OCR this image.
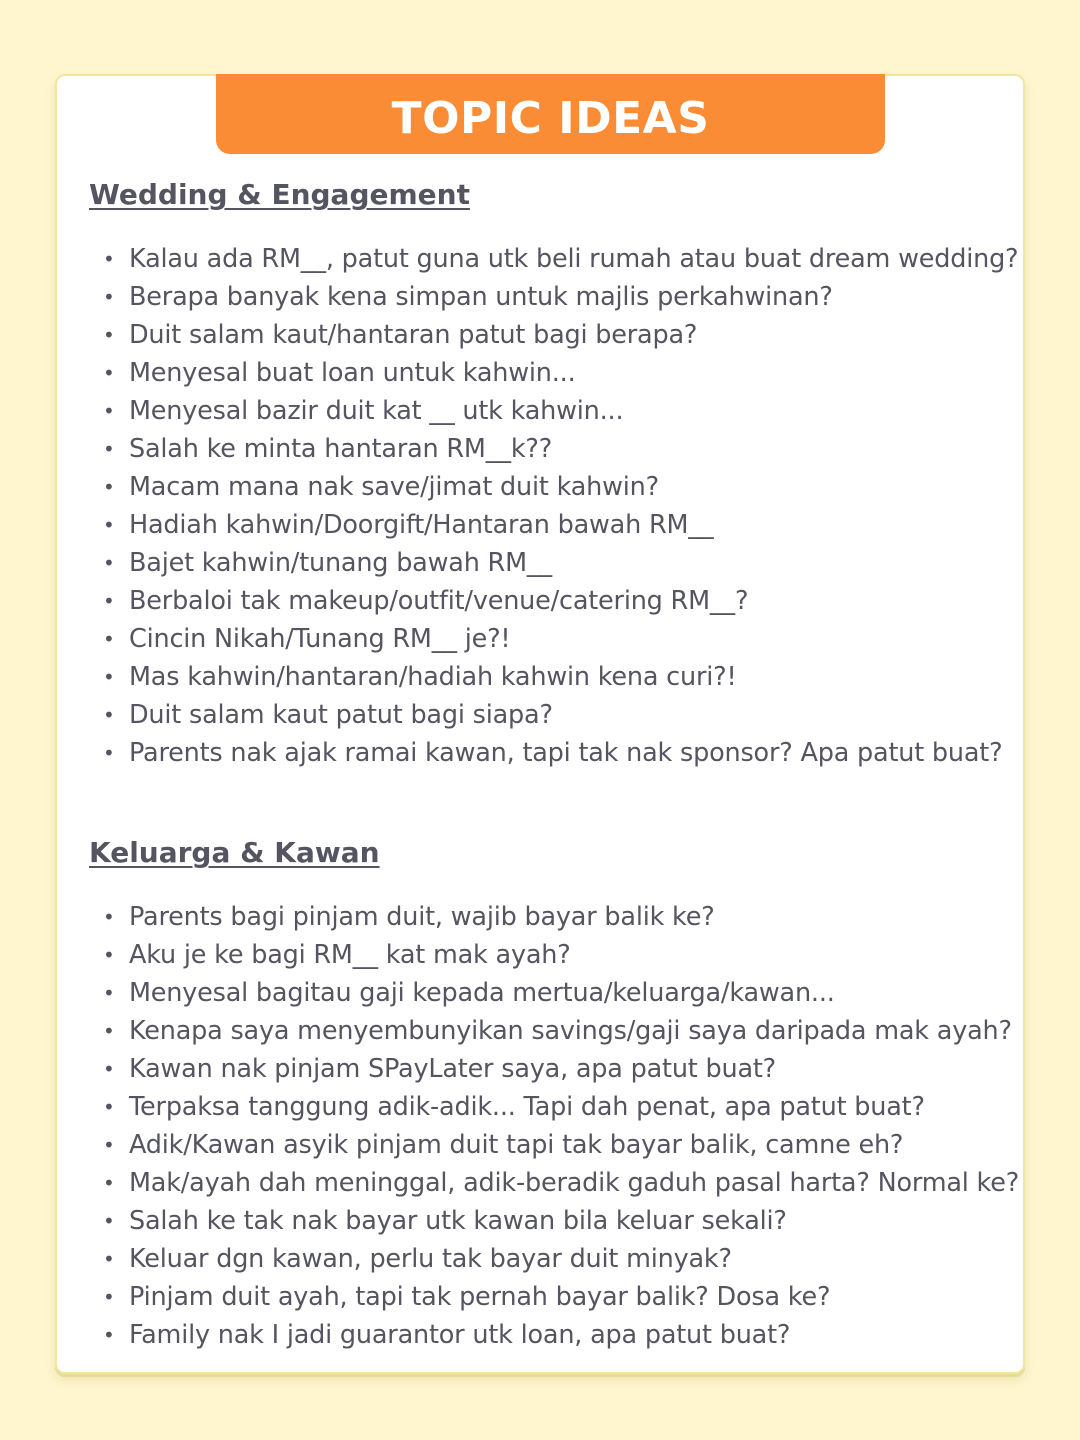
TOPIC IDEAS
Wedding & Engagement
• Kalau ada RM__, patut guna utk beli rumah atau buat dream wedding?
• Berapa banyak kena simpan untuk majlis perkahwinan?
• Duit salam kaut/hantaran patut bagi berapa?
• Menyesal buat loan untuk kahwin...
• Menyesal bazir duit kat __ utk kahwin...
• Salah ke minta hantaran RM__k??
• Macam mana nak save/jimat duit kahwin?
• Hadiah kahwin/Doorgift/Hantaran bawah RM__
• Bajet kahwin/tunang bawah RM__
• Berbaloi tak makeup/outfit/venue/catering RM__?
• Cincin Nikah/Tunang RM__ je?!
• Mas kahwin/hantaran/hadiah kahwin kena curi?!
• Duit salam kaut patut bagi siapa?
• Parents nak ajak ramai kawan, tapi tak nak sponsor? Apa patut buat?
Keluarga & Kawan
• Parents bagi pinjam duit, wajib bayar balik ke?
• Aku je ke bagi RM__ kat mak ayah?
• Menyesal bagitau gaji kepada mertua/keluarga/kawan...
• Kenapa saya menyembunyikan savings/gaji saya daripada mak ayah?
• Kawan nak pinjam SPayLater saya, apa patut buat?
• Terpaksa tanggung adik-adik... Tapi dah penat, apa patut buat?
• Adik/Kawan asyik pinjam duit tapi tak bayar balik, camne eh?
• Mak/ayah dah meninggal, adik-beradik gaduh pasal harta? Normal ke?
• Salah ke tak nak bayar utk kawan bila keluar sekali?
• Keluar dgn kawan, perlu tak bayar duit minyak?
• Pinjam duit ayah, tapi tak pernah bayar balik? Dosa ke?
• Family nak I jadi guarantor utk loan, apa patut buat?
